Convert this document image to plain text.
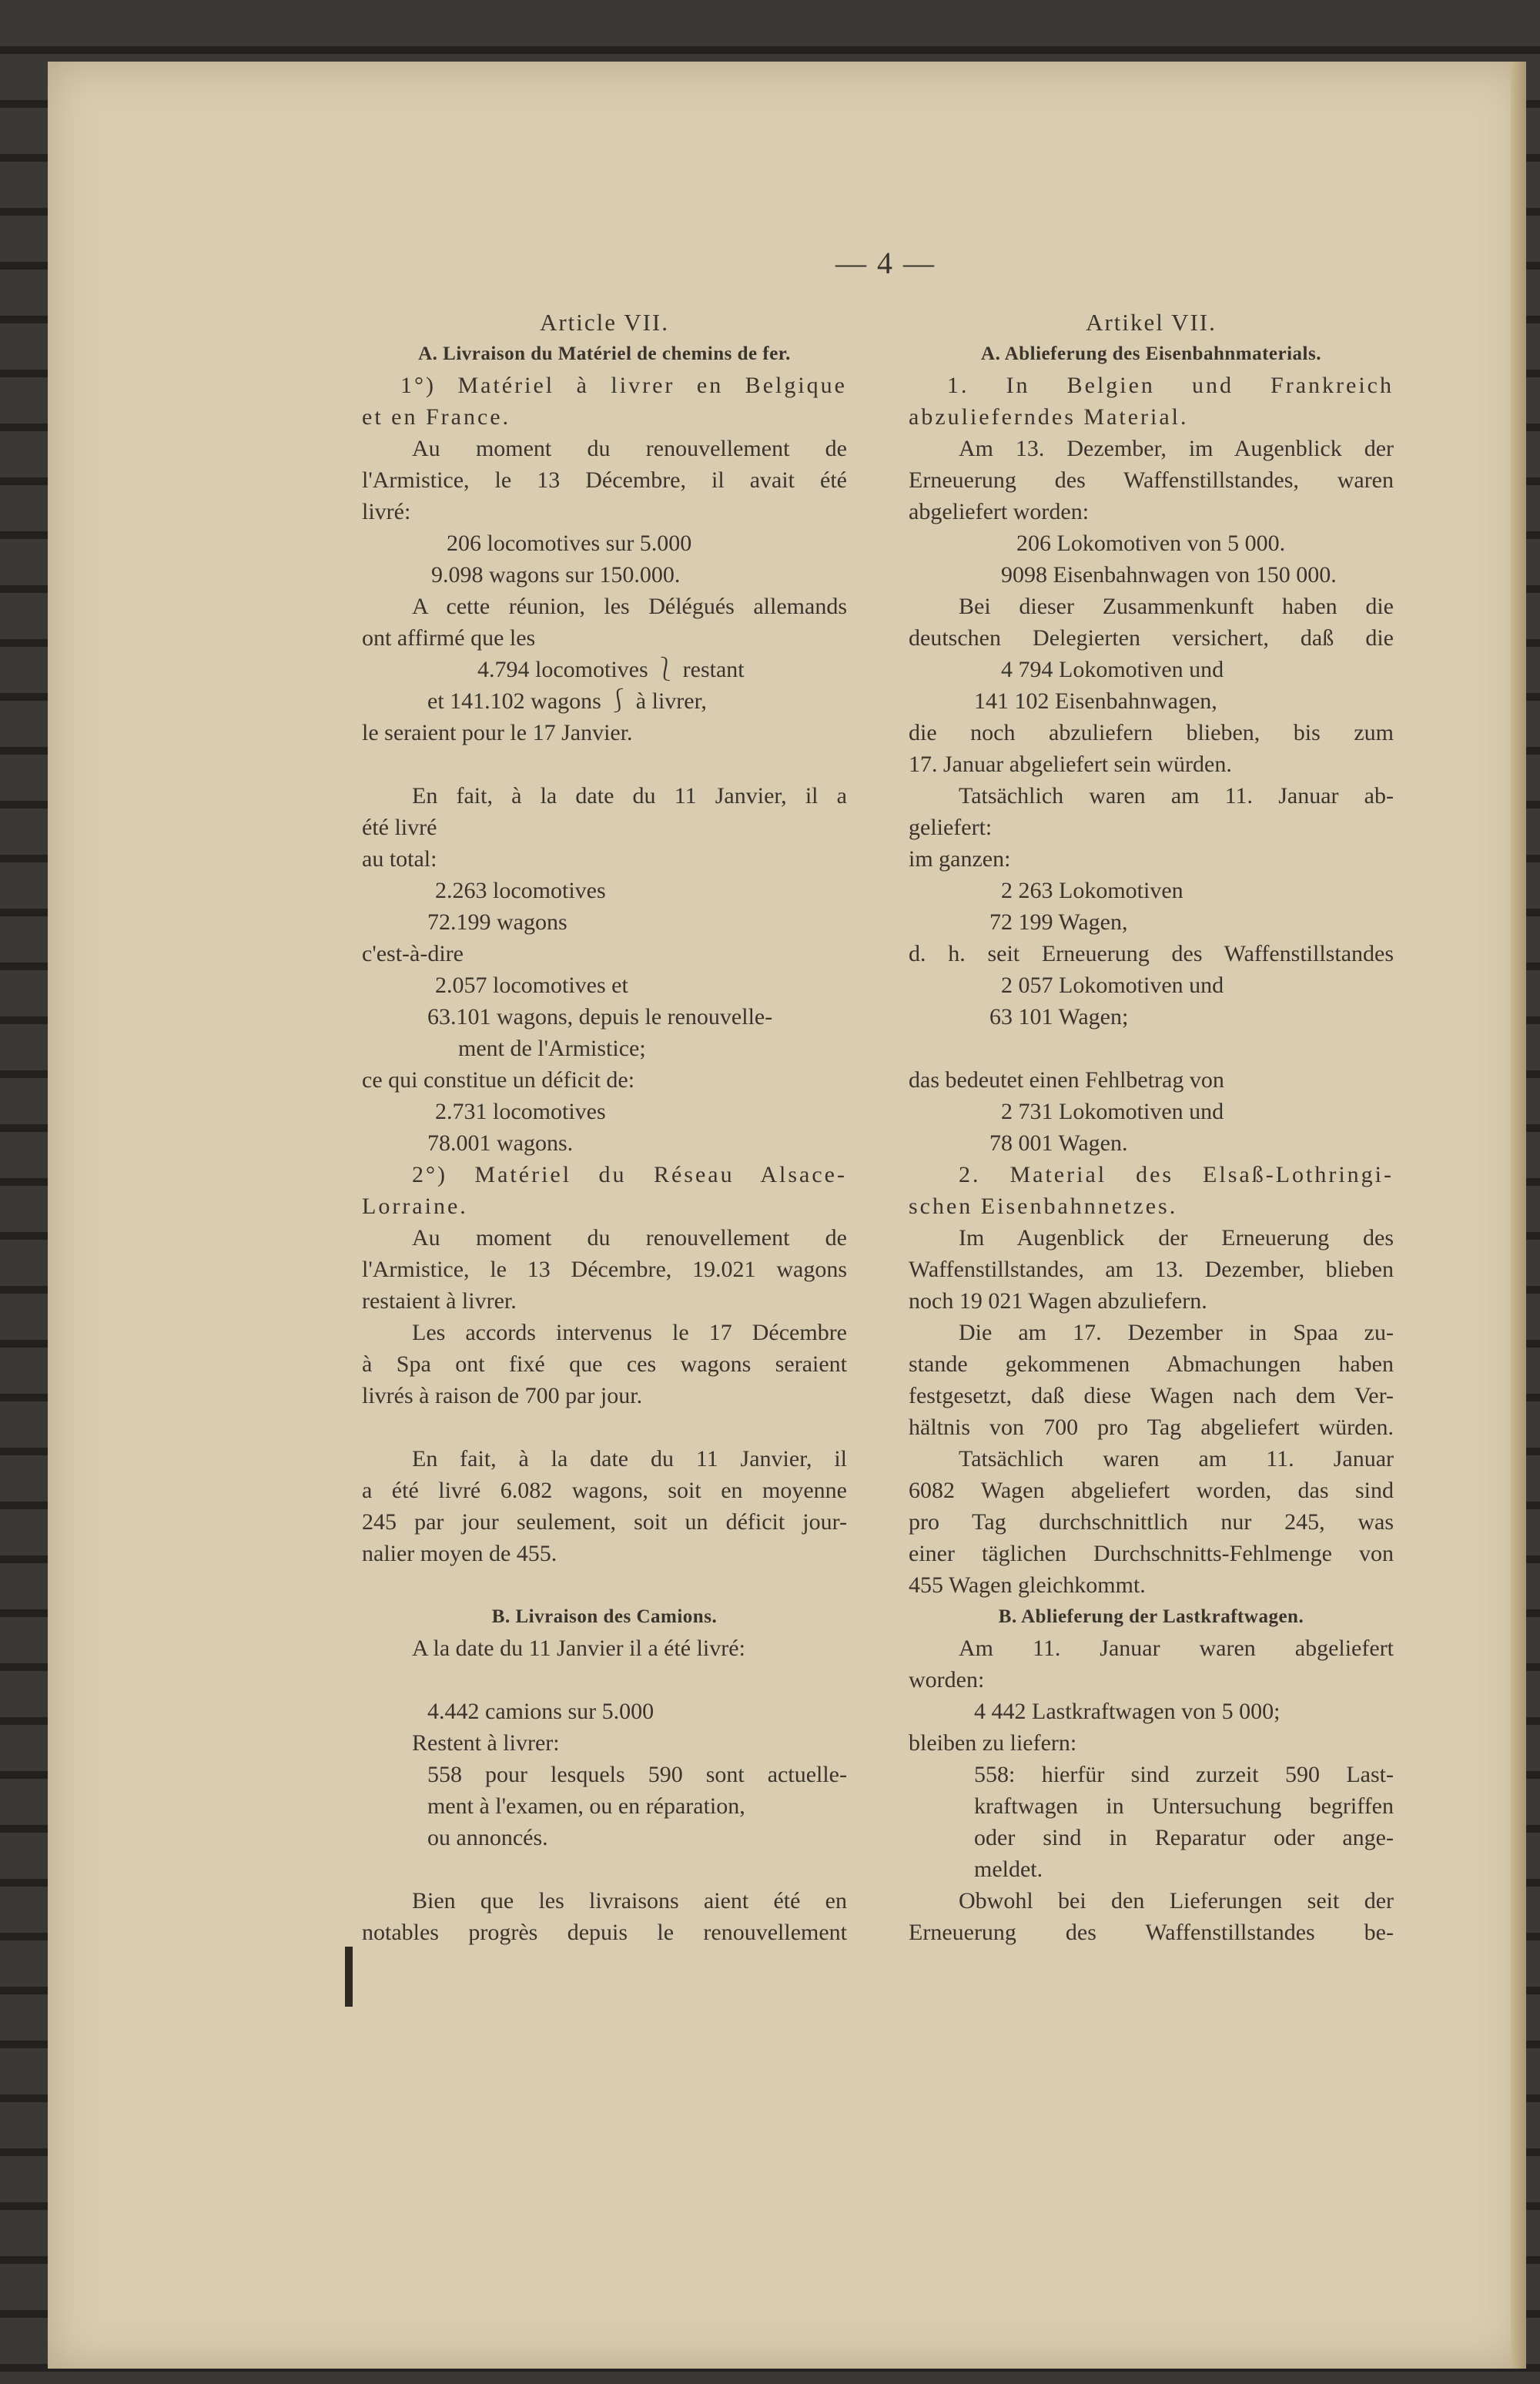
— 4 —
Article VII.
A. Livraison du Matériel de chemins de fer.
1°) Matériel à livrer en Belgique
et en France.
Au moment du renouvellement de
l'Armistice, le 13 Décembre, il avait été
livré:
206 locomotives sur 5.000
9.098 wagons sur 150.000.
A cette réunion, les Délégués allemands
ont affirmé que les
4.794 locomotives ⎱ restant
et 141.102 wagons ⎰ à livrer,
le seraient pour le 17 Janvier.
En fait, à la date du 11 Janvier, il a
été livré
au total:
2.263 locomotives
72.199 wagons
c'est-à-dire
2.057 locomotives et
63.101 wagons, depuis le renouvelle-
ment de l'Armistice;
ce qui constitue un déficit de:
2.731 locomotives
78.001 wagons.
2°) Matériel du Réseau Alsace-
Lorraine.
Au moment du renouvellement de
l'Armistice, le 13 Décembre, 19.021 wagons
restaient à livrer.
Les accords intervenus le 17 Décembre
à Spa ont fixé que ces wagons seraient
livrés à raison de 700 par jour.
En fait, à la date du 11 Janvier, il
a été livré 6.082 wagons, soit en moyenne
245 par jour seulement, soit un déficit jour-
nalier moyen de 455.
B. Livraison des Camions.
A la date du 11 Janvier il a été livré:
4.442 camions sur 5.000
Restent à livrer:
558 pour lesquels 590 sont actuelle-
ment à l'examen, ou en réparation,
ou annoncés.
Bien que les livraisons aient été en
notables progrès depuis le renouvellement
Artikel VII.
A. Ablieferung des Eisenbahnmaterials.
1. In Belgien und Frankreich
abzulieferndes Material.
Am 13. Dezember, im Augenblick der
Erneuerung des Waffenstillstandes, waren
abgeliefert worden:
206 Lokomotiven von 5 000.
9098 Eisenbahnwagen von 150 000.
Bei dieser Zusammenkunft haben die
deutschen Delegierten versichert, daß die
4 794 Lokomotiven und
141 102 Eisenbahnwagen,
die noch abzuliefern blieben, bis zum
17. Januar abgeliefert sein würden.
Tatsächlich waren am 11. Januar ab-
geliefert:
im ganzen:
2 263 Lokomotiven
72 199 Wagen,
d. h. seit Erneuerung des Waffenstillstandes
2 057 Lokomotiven und
63 101 Wagen;
das bedeutet einen Fehlbetrag von
2 731 Lokomotiven und
78 001 Wagen.
2. Material des Elsaß-Lothringi-
schen Eisenbahnnetzes.
Im Augenblick der Erneuerung des
Waffenstillstandes, am 13. Dezember, blieben
noch 19 021 Wagen abzuliefern.
Die am 17. Dezember in Spaa zu-
stande gekommenen Abmachungen haben
festgesetzt, daß diese Wagen nach dem Ver-
hältnis von 700 pro Tag abgeliefert würden.
Tatsächlich waren am 11. Januar
6082 Wagen abgeliefert worden, das sind
pro Tag durchschnittlich nur 245, was
einer täglichen Durchschnitts-Fehlmenge von
455 Wagen gleichkommt.
B. Ablieferung der Lastkraftwagen.
Am 11. Januar waren abgeliefert
worden:
4 442 Lastkraftwagen von 5 000;
bleiben zu liefern:
558: hierfür sind zurzeit 590 Last-
kraftwagen in Untersuchung begriffen
oder sind in Reparatur oder ange-
meldet.
Obwohl bei den Lieferungen seit der
Erneuerung des Waffenstillstandes be-
